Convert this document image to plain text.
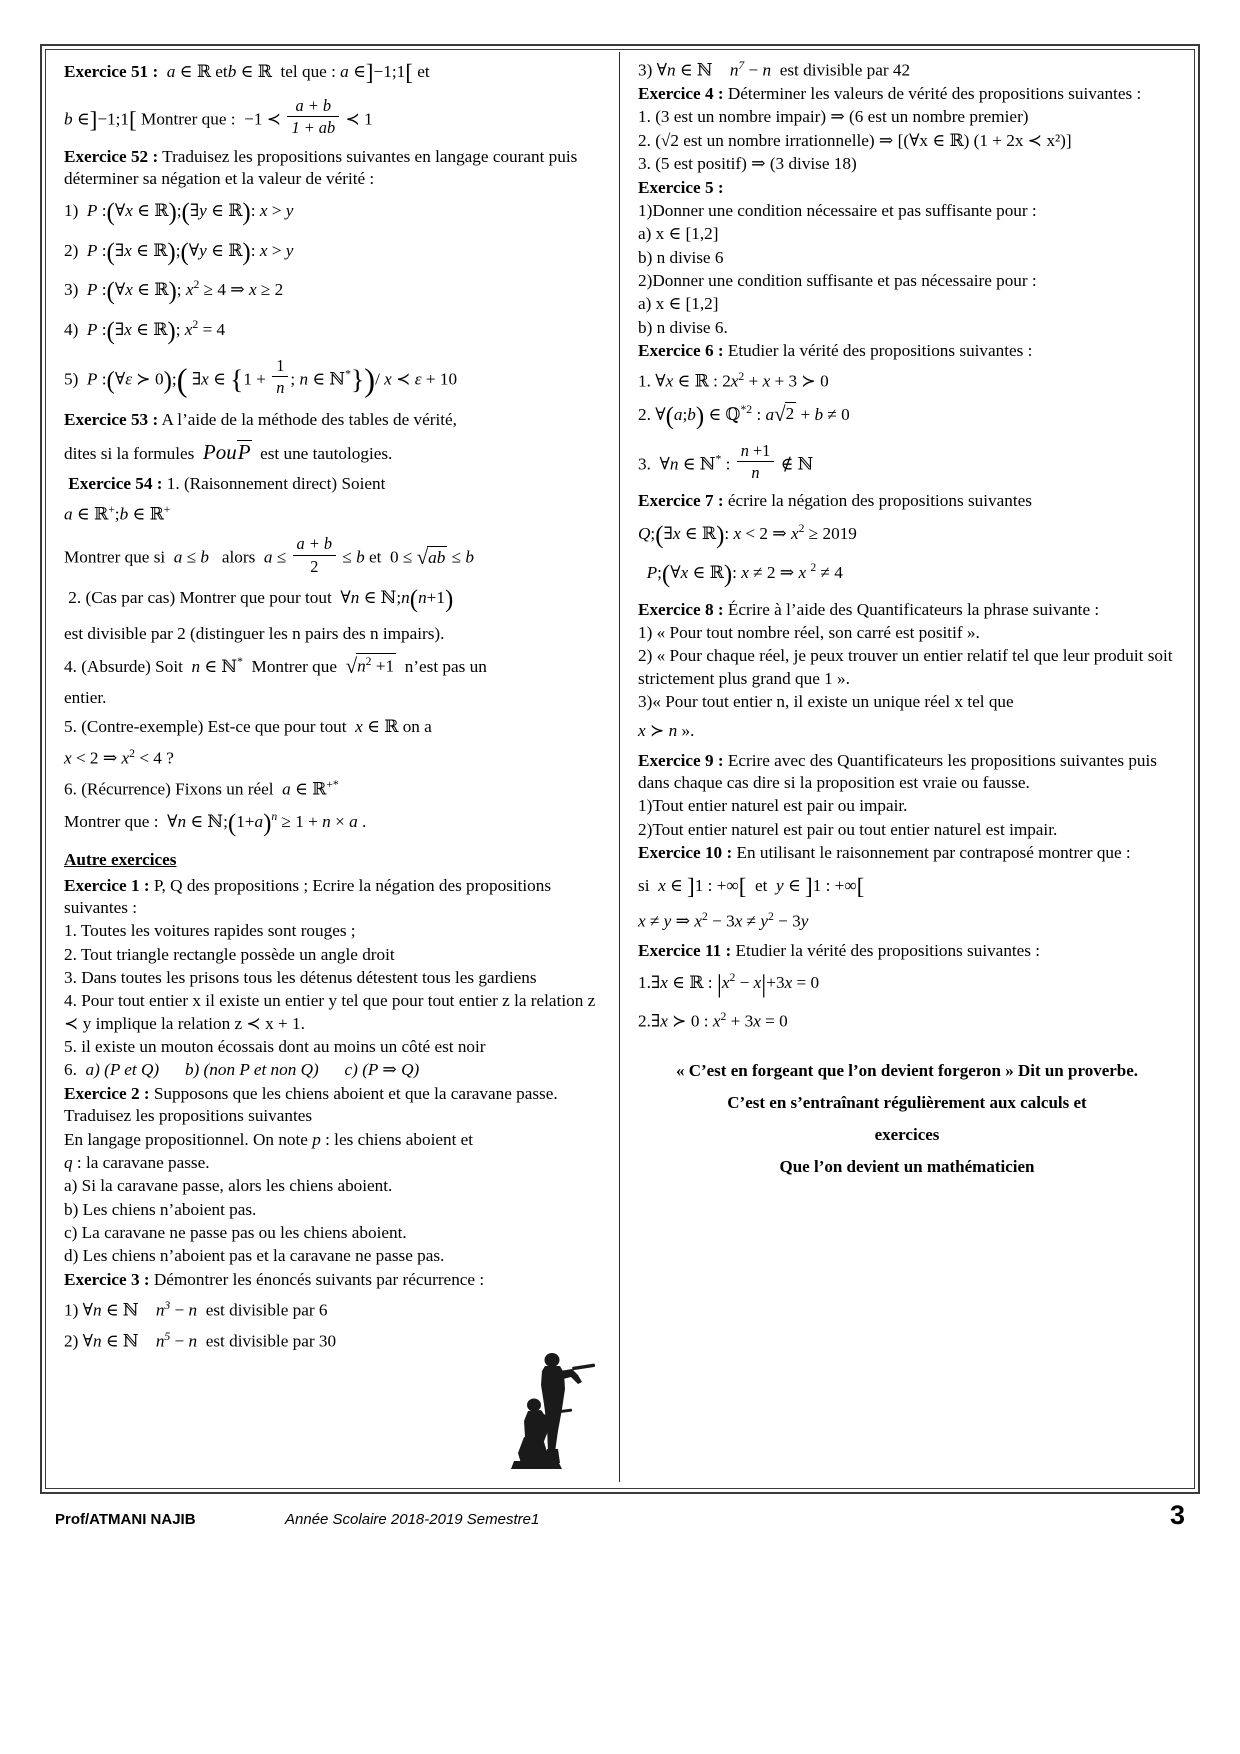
Exercice 51 : a ∈ ℝ etb ∈ ℝ tel que : a ∈]−1;1[ et

b ∈]−1;1[ Montrer que : −1 ≺ $\frac{a + b}{1 + ab}$ ≺ 1

Exercice 52 : Traduisez les propositions suivantes en langage courant puis déterminer sa négation et la valeur de vérité :

1) P :(∀x ∈ ℝ);(∃y ∈ ℝ): x > y

2) P :(∃x ∈ ℝ);(∀y ∈ ℝ): x > y

3) P :(∀x ∈ ℝ); $x^2 \ge 4$ ⇒ x ≥ 2

4) P :(∃x ∈ ℝ); $x^2 = 4$

5) P :(∀ε ≻ 0);( ∃x ∈ {$1 + \frac{1}{n}$ ; n ∈ ℕ*})/ x ≺ ε + 10

Exercice 53 : A l’aide de la méthode des tables de vérité,

dites si la formules PouP est une tautologies.

Exercice 54 : 1. (Raisonnement direct) Soient

a ∈ ℝ+;b ∈ ℝ+

Montrer que si a ≤ b alors $a \le \frac{a + b}{2} \le b$ et 0 ≤ √ab ≤ b

2. (Cas par cas) Montrer que pour tout ∀n ∈ ℕ;n(n+1)

est divisible par 2 (distinguer les n pairs des n impairs).

4. (Absurde) Soit n ∈ ℕ* Montrer que $√n^2 +1$ n’est pas un

entier.

5. (Contre-exemple) Est-ce que pour tout x ∈ ℝ on a

x < 2 ⇒ $x^2 < 4$ ?

6. (Récurrence) Fixons un réel a ∈ ℝ+*

Montrer que : ∀n ∈ $ℕ;(1+a)^n \ge 1 + n \times a$ .

Autre exercices

Exercice 1 : P, Q des propositions ; Ecrire la négation des propositions suivantes :

1. Toutes les voitures rapides sont rouges ;

2. Tout triangle rectangle possède un angle droit

3. Dans toutes les prisons tous les détenus détestent tous les gardiens

4. Pour tout entier x il existe un entier y tel que pour tout entier z la relation z ≺ y implique la relation z ≺ x + 1.

5. il existe un mouton écossais dont au moins un côté est noir

6. a) (P et Q) b) (non P et non Q) c) (P ⇒ Q)

Exercice 2 : Supposons que les chiens aboient et que la caravane passe. Traduisez les propositions suivantes

En langage propositionnel. On note p : les chiens aboient et

q : la caravane passe.

a) Si la caravane passe, alors les chiens aboient.

b) Les chiens n’aboient pas.

c) La caravane ne passe pas ou les chiens aboient.

d) Les chiens n’aboient pas et la caravane ne passe pas.

Exercice 3 : Démontrer les énoncés suivants par récurrence :

1) ∀n ∈ ℕ $n^3 - n$ est divisible par 6

2) ∀n ∈ ℕ $n^5 - n$ est divisible par 30

3) ∀n ∈ ℕ $n^7 - n$ est divisible par 42

Exercice 4 : Déterminer les valeurs de vérité des propositions suivantes :

1. (3 est un nombre impair) ⇒ (6 est un nombre premier)

2. (√2 est un nombre irrationnelle) ⇒ [(∀x ∈ ℝ) (1 + 2x ≺ x²)]

3. (5 est positif) ⇒ (3 divise 18)

Exercice 5 :

1)Donner une condition nécessaire et pas suffisante pour :

a) x ∈ [1,2]

b) n divise 6

2)Donner une condition suffisante et pas nécessaire pour :

a) x ∈ [1,2]

b) n divise 6.

Exercice 6 : Etudier la vérité des propositions suivantes :

1. ∀x ∈ ℝ : $2x^2 + x + 3$ ≻ 0

2. ∀(a;b) ∈ ℚ$^{*2}$ : a√2 + b ≠ 0

3. ∀n ∈ ℕ* : $\frac{n +1}{n}$ ∉ ℕ

Exercice 7 : écrire la négation des propositions suivantes

Q;(∃x ∈ ℝ): x < 2 ⇒ $x^2 \ge 2019$

P;(∀x ∈ ℝ): x ≠ 2 ⇒ x $^2$ ≠ 4

Exercice 8 : Écrire à l’aide des Quantificateurs la phrase suivante :

1) « Pour tout nombre réel, son carré est positif ».

2) « Pour chaque réel, je peux trouver un entier relatif tel que leur produit soit strictement plus grand que 1 ».

3)« Pour tout entier n, il existe un unique réel x tel que

x ≻ n ».

Exercice 9 : Ecrire avec des Quantificateurs les propositions suivantes puis dans chaque cas dire si la proposition est vraie ou fausse.

1)Tout entier naturel est pair ou impair.

2)Tout entier naturel est pair ou tout entier naturel est impair.

Exercice 10 : En utilisant le raisonnement par contraposé montrer que :

si x ∈ ]1 : +∞[ et y ∈ ]1 : +∞[

x ≠ y ⇒ $x^2 - 3x \ne y^2 - 3y$

Exercice 11 : Etudier la vérité des propositions suivantes :

1.∃x ∈ ℝ : $|x^2 - x|+3x = 0$

2.∃x ≻ 0 : $x^2 + 3x = 0$

« C’est en forgeant que l’on devient forgeron » Dit un proverbe.

C’est en s’entraînant régulièrement aux calculs et

exercices

Que l’on devient un mathématicien

Prof/ATMANI NAJIB	Année Scolaire 2018-2019 Semestre1	3
